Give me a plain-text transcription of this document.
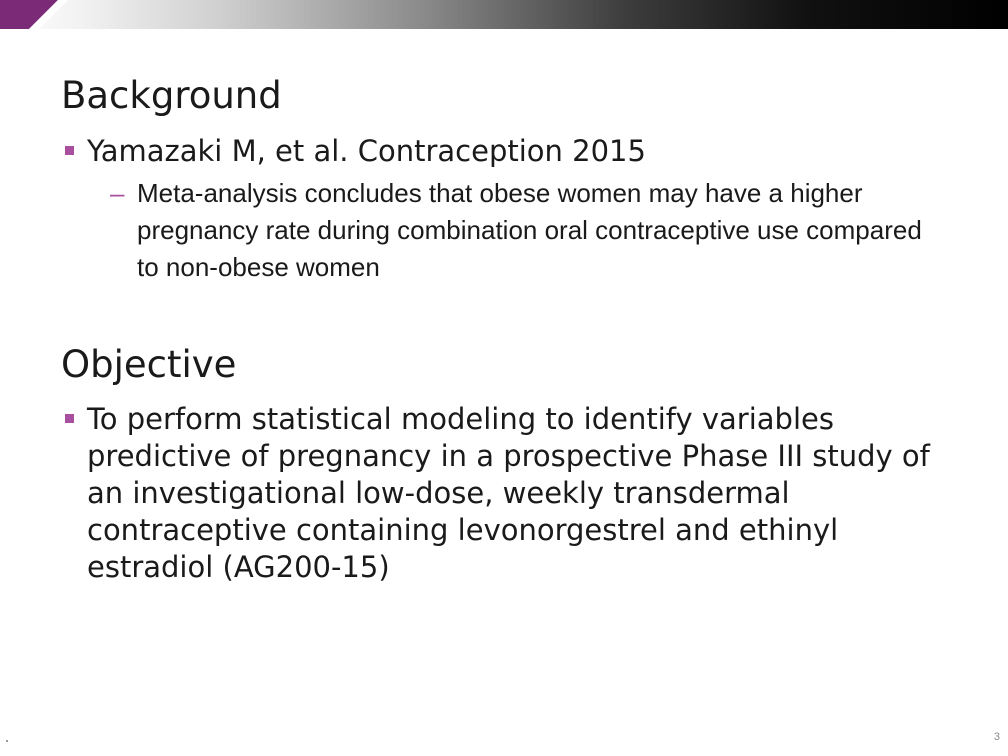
Background

Yamazaki M, et al. Contraception 2015

– Meta-analysis concludes that obese women may have a higher pregnancy rate during combination oral contraceptive use compared to non-obese women

Objective

To perform statistical modeling to identify variables predictive of pregnancy in a prospective Phase III study of an investigational low-dose, weekly transdermal contraceptive containing levonorgestrel and ethinyl estradiol (AG200-15)

3
